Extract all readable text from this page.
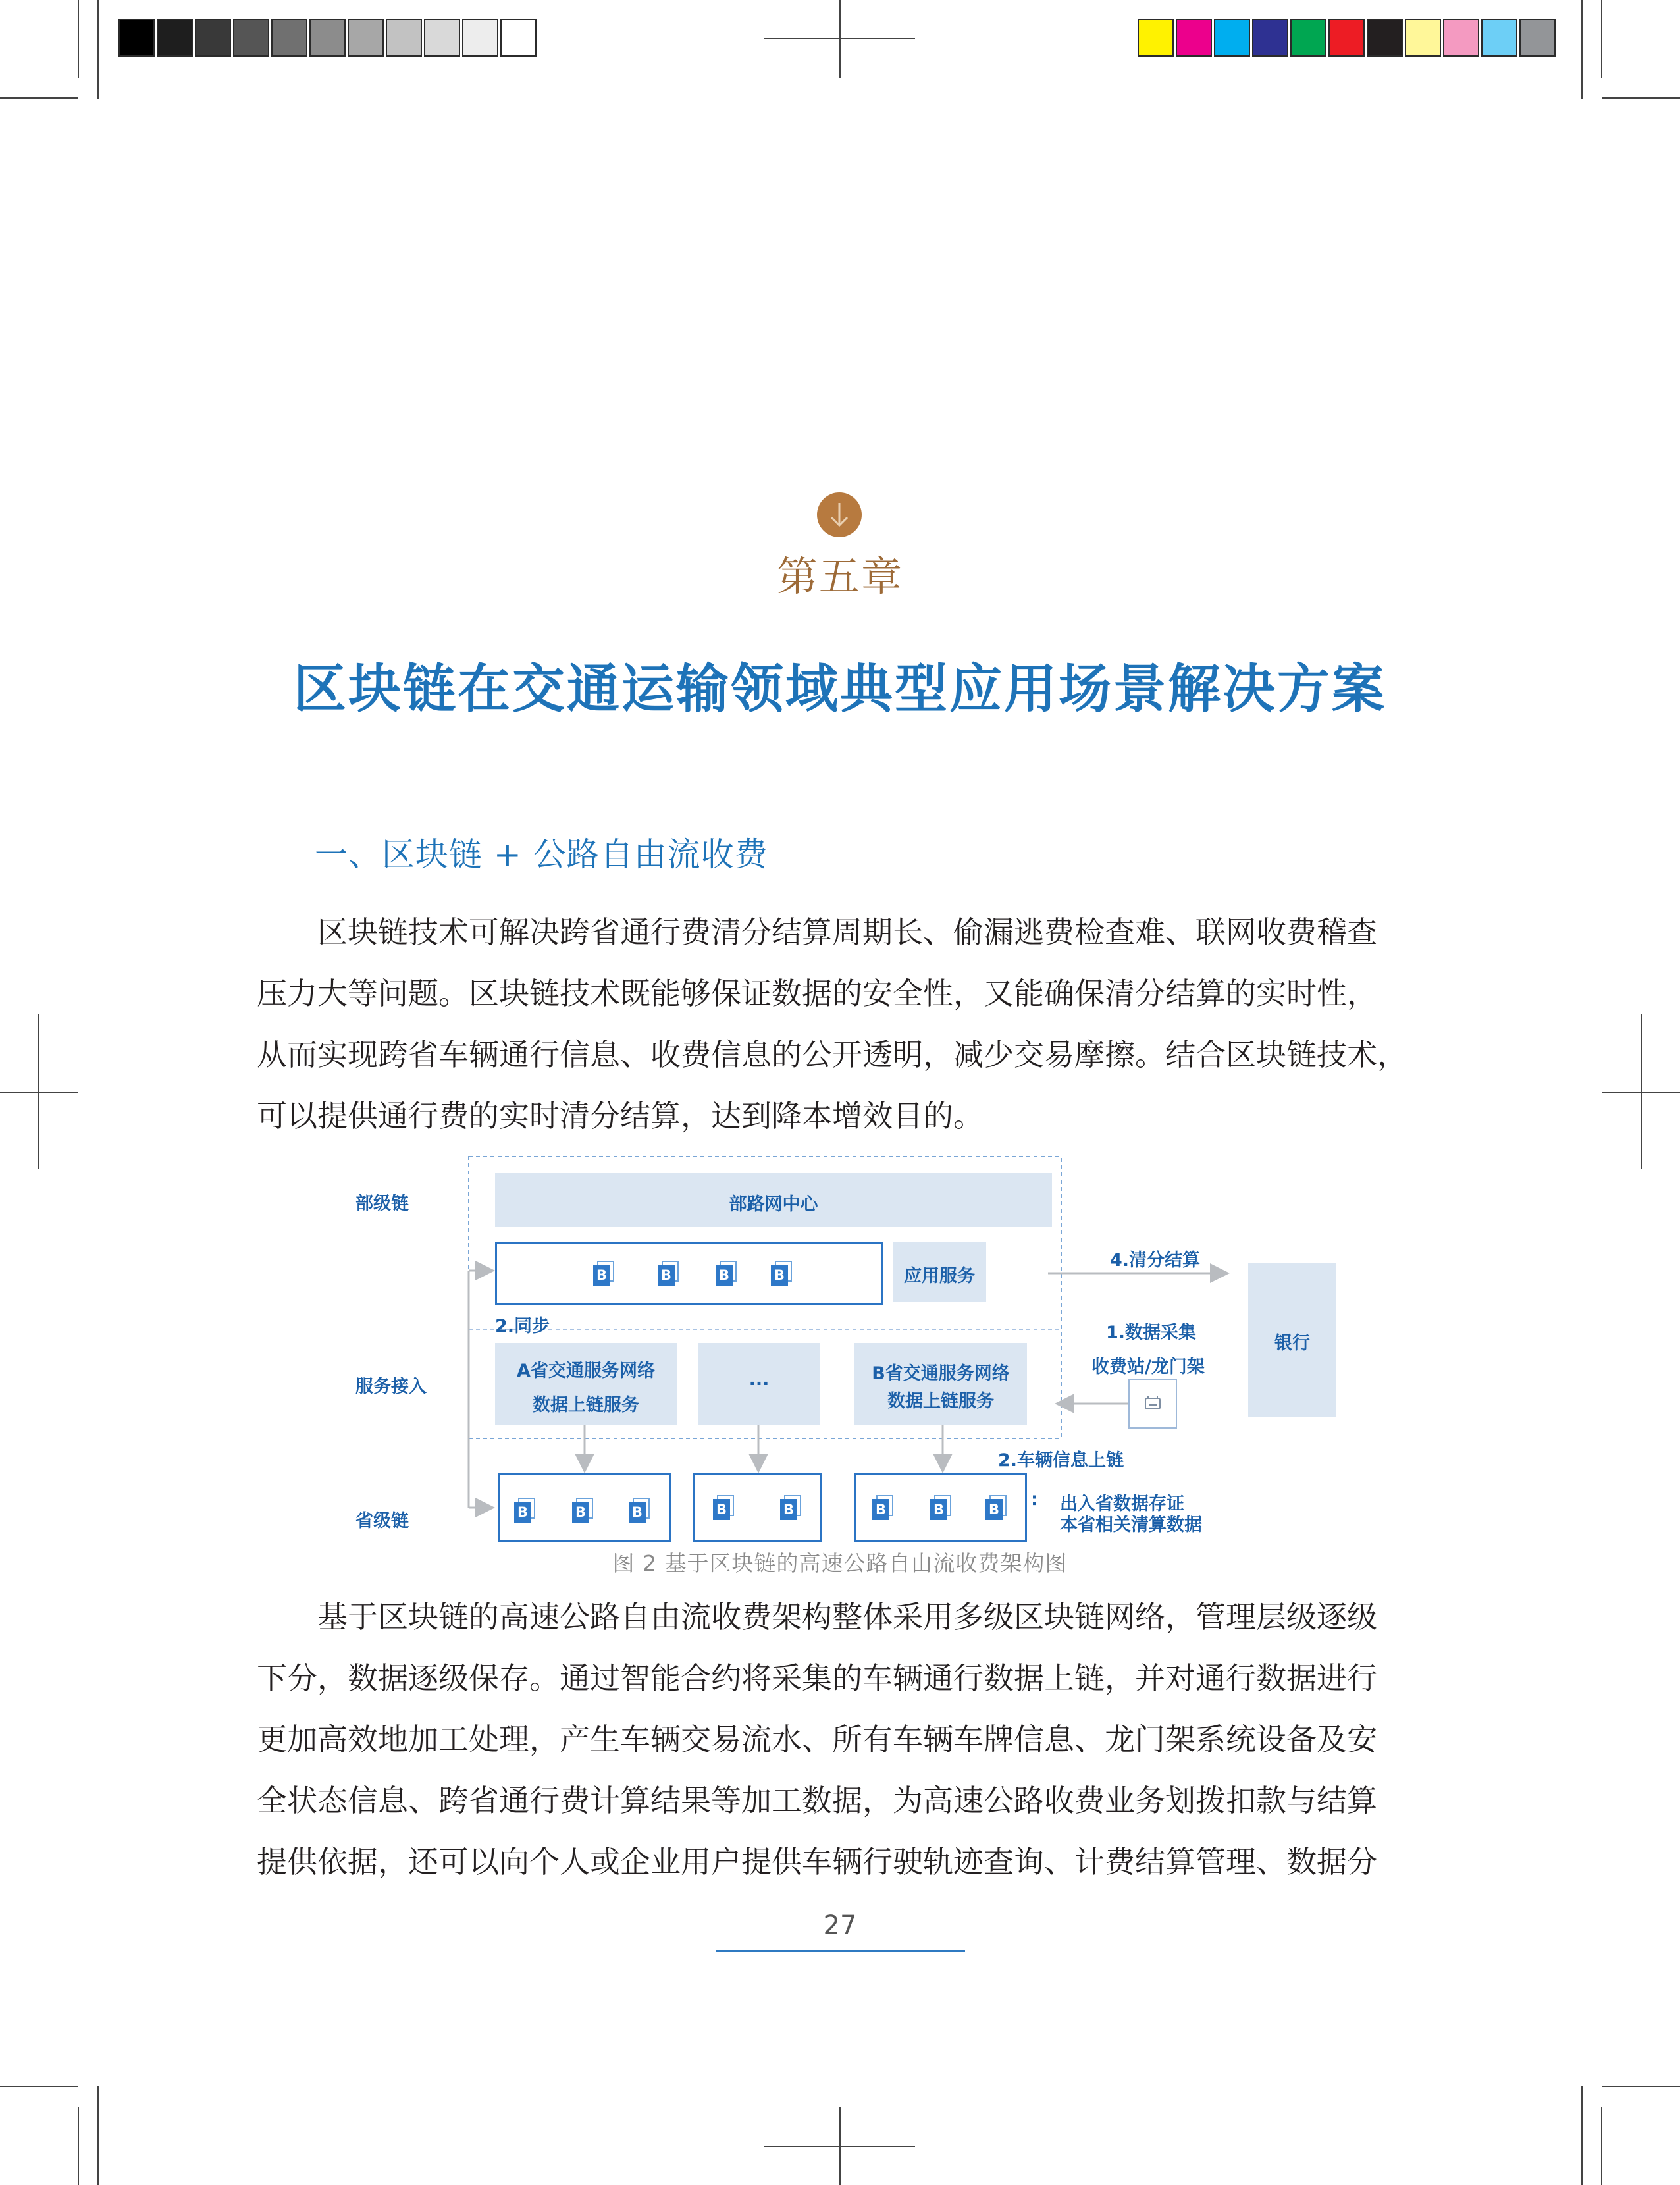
第五章
区块链在交通运输领域典型应用场景解决方案
一、区块链 + 公路自由流收费
区块链技术可解决跨省通行费清分结算周期长、偷漏逃费检查难、联网收费稽查
压力大等问题。区块链技术既能够保证数据的安全性，又能确保清分结算的实时性，
从而实现跨省车辆通行信息、收费信息的公开透明，减少交易摩擦。结合区块链技术，
可以提供通行费的实时清分结算，达到降本增效目的。
部级链
服务接入
省级链
部路网中心
B	B	B	B	应用服务
2.同步
4.清分结算
银行
1.数据采集
收费站/龙门架
A省交通服务网络
数据上链服务
...	B省交通服务网络
数据上链服务
2.车辆信息上链
B	B	B	B	B	B	B	B : 出入省数据存证
本省相关清算数据
图 2 基于区块链的高速公路自由流收费架构图
基于区块链的高速公路自由流收费架构整体采用多级区块链网络，管理层级逐级
下分，数据逐级保存。通过智能合约将采集的车辆通行数据上链，并对通行数据进行
更加高效地加工处理，产生车辆交易流水、所有车辆车牌信息、龙门架系统设备及安
全状态信息、跨省通行费计算结果等加工数据，为高速公路收费业务划拨扣款与结算
提供依据，还可以向个人或企业用户提供车辆行驶轨迹查询、计费结算管理、数据分
27
